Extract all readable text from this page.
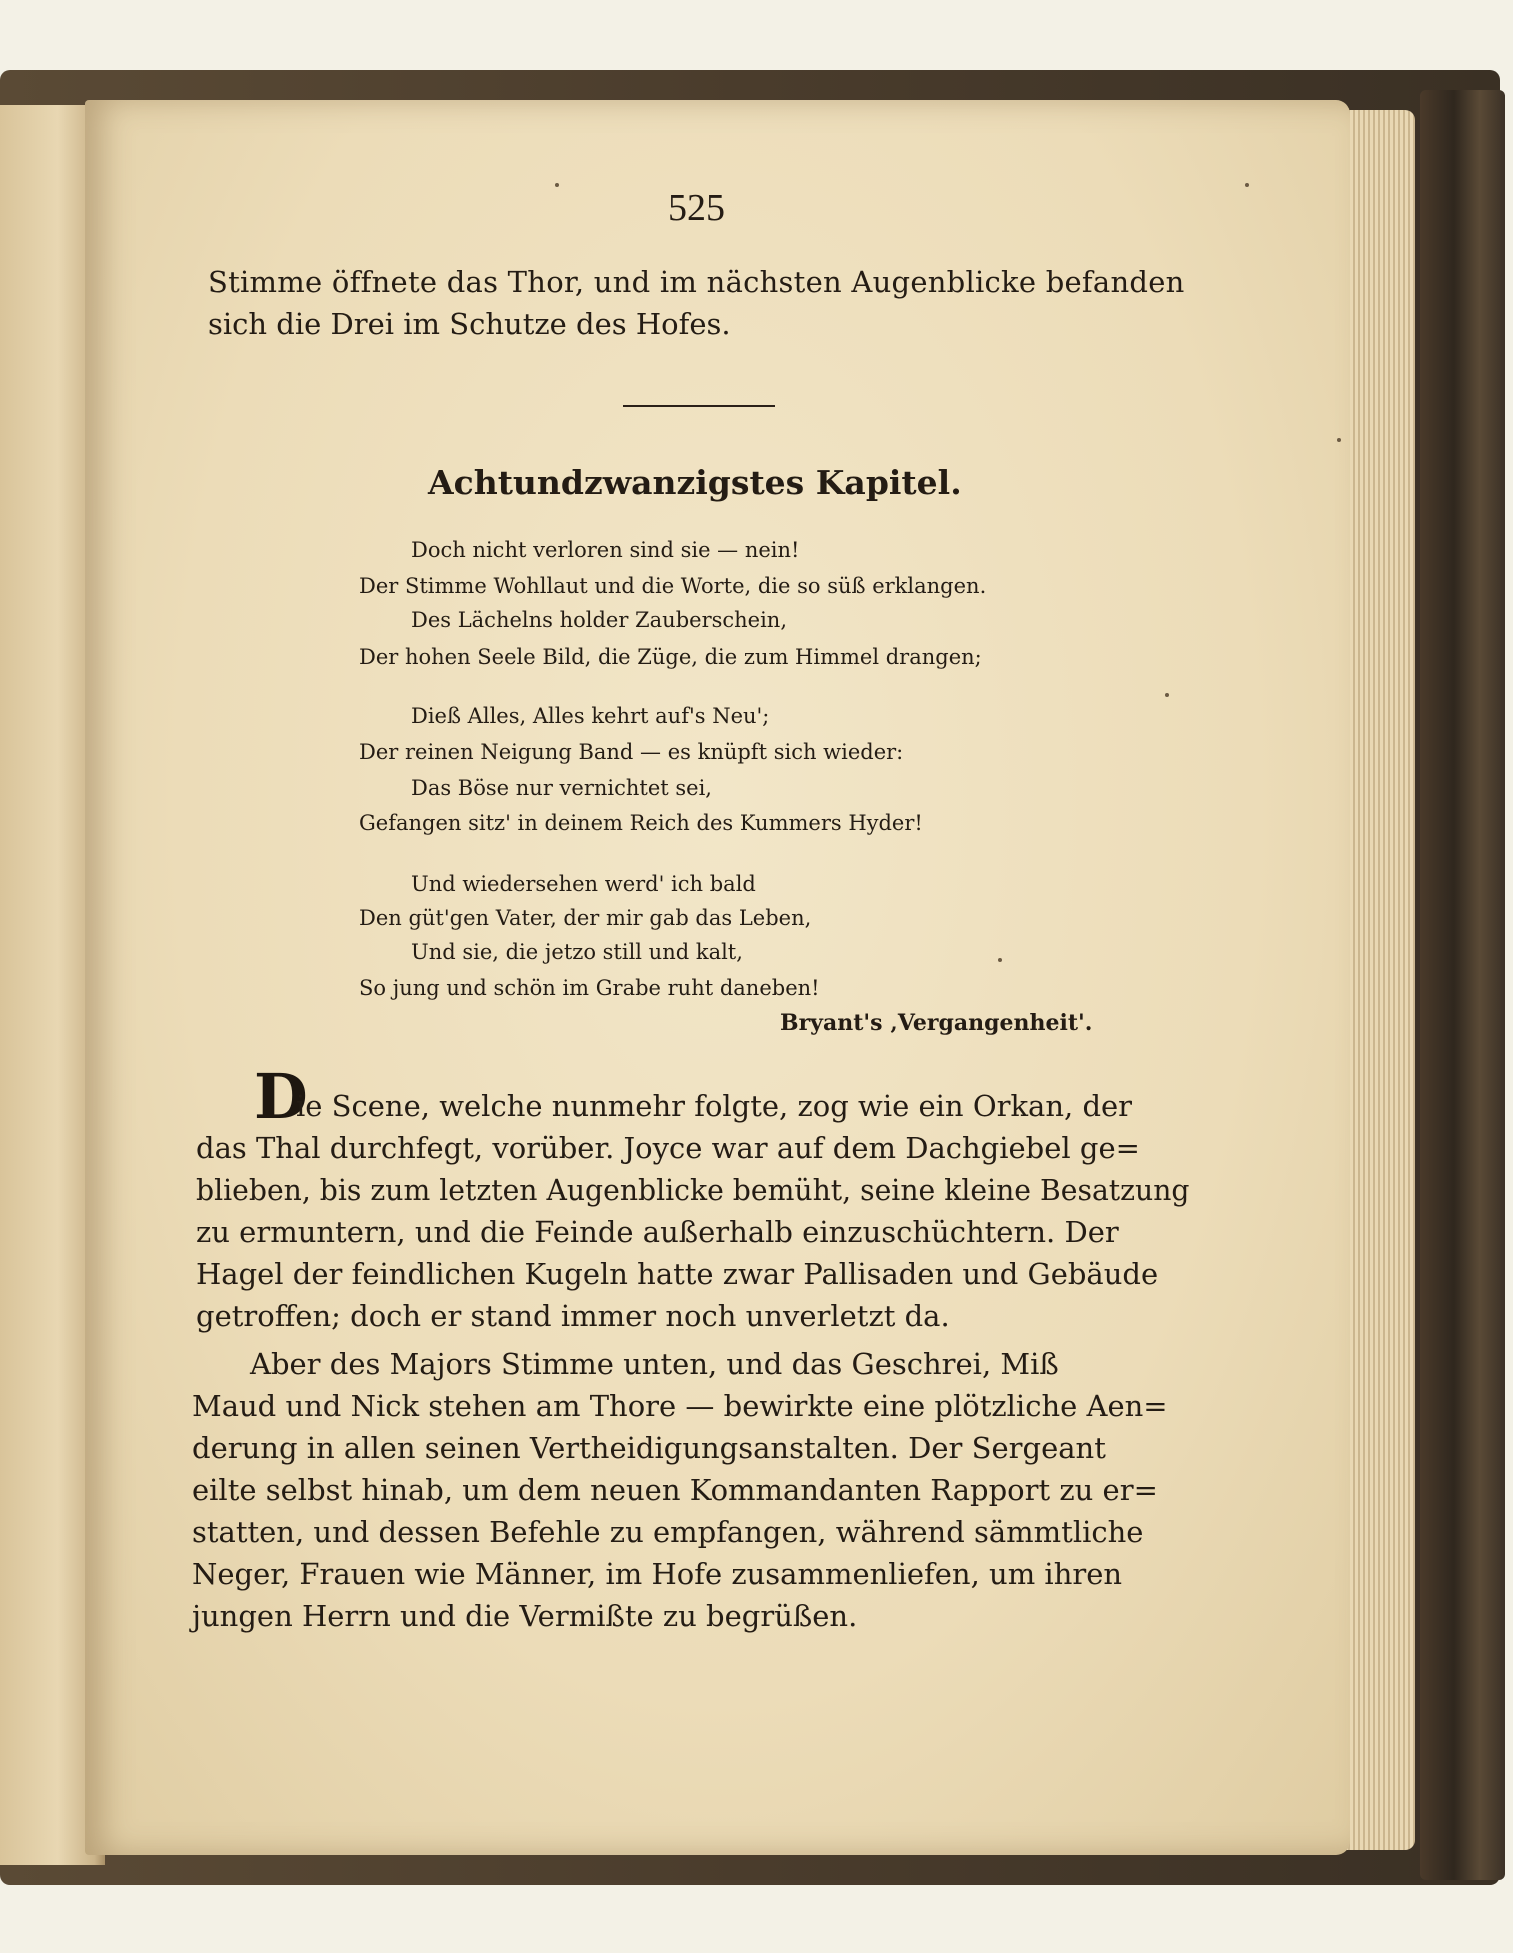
525

Stimme öffnete das Thor, und im nächsten Augenblicke befanden

sich die Drei im Schutze des Hofes.

Achtundzwanzigstes Kapitel.

Doch nicht verloren sind sie — nein!

Der Stimme Wohllaut und die Worte, die so süß erklangen.

Des Lächelns holder Zauberschein,

Der hohen Seele Bild, die Züge, die zum Himmel drangen;

Dieß Alles, Alles kehrt auf's Neu';

Der reinen Neigung Band — es knüpft sich wieder:

Das Böse nur vernichtet sei,

Gefangen sitz' in deinem Reich des Kummers Hyder!

Und wiedersehen werd' ich bald

Den güt'gen Vater, der mir gab das Leben,

Und sie, die jetzo still und kalt,

So jung und schön im Grabe ruht daneben!

Bryant's ‚Vergangenheit'.

D

ie Scene, welche nunmehr folgte, zog wie ein Orkan, der

das Thal durchfegt, vorüber. Joyce war auf dem Dachgiebel ge=

blieben, bis zum letzten Augenblicke bemüht, seine kleine Besatzung

zu ermuntern, und die Feinde außerhalb einzuschüchtern. Der

Hagel der feindlichen Kugeln hatte zwar Pallisaden und Gebäude

getroffen; doch er stand immer noch unverletzt da.

Aber des Majors Stimme unten, und das Geschrei, Miß

Maud und Nick stehen am Thore — bewirkte eine plötzliche Aen=

derung in allen seinen Vertheidigungsanstalten. Der Sergeant

eilte selbst hinab, um dem neuen Kommandanten Rapport zu er=

statten, und dessen Befehle zu empfangen, während sämmtliche

Neger, Frauen wie Männer, im Hofe zusammenliefen, um ihren

jungen Herrn und die Vermißte zu begrüßen.
